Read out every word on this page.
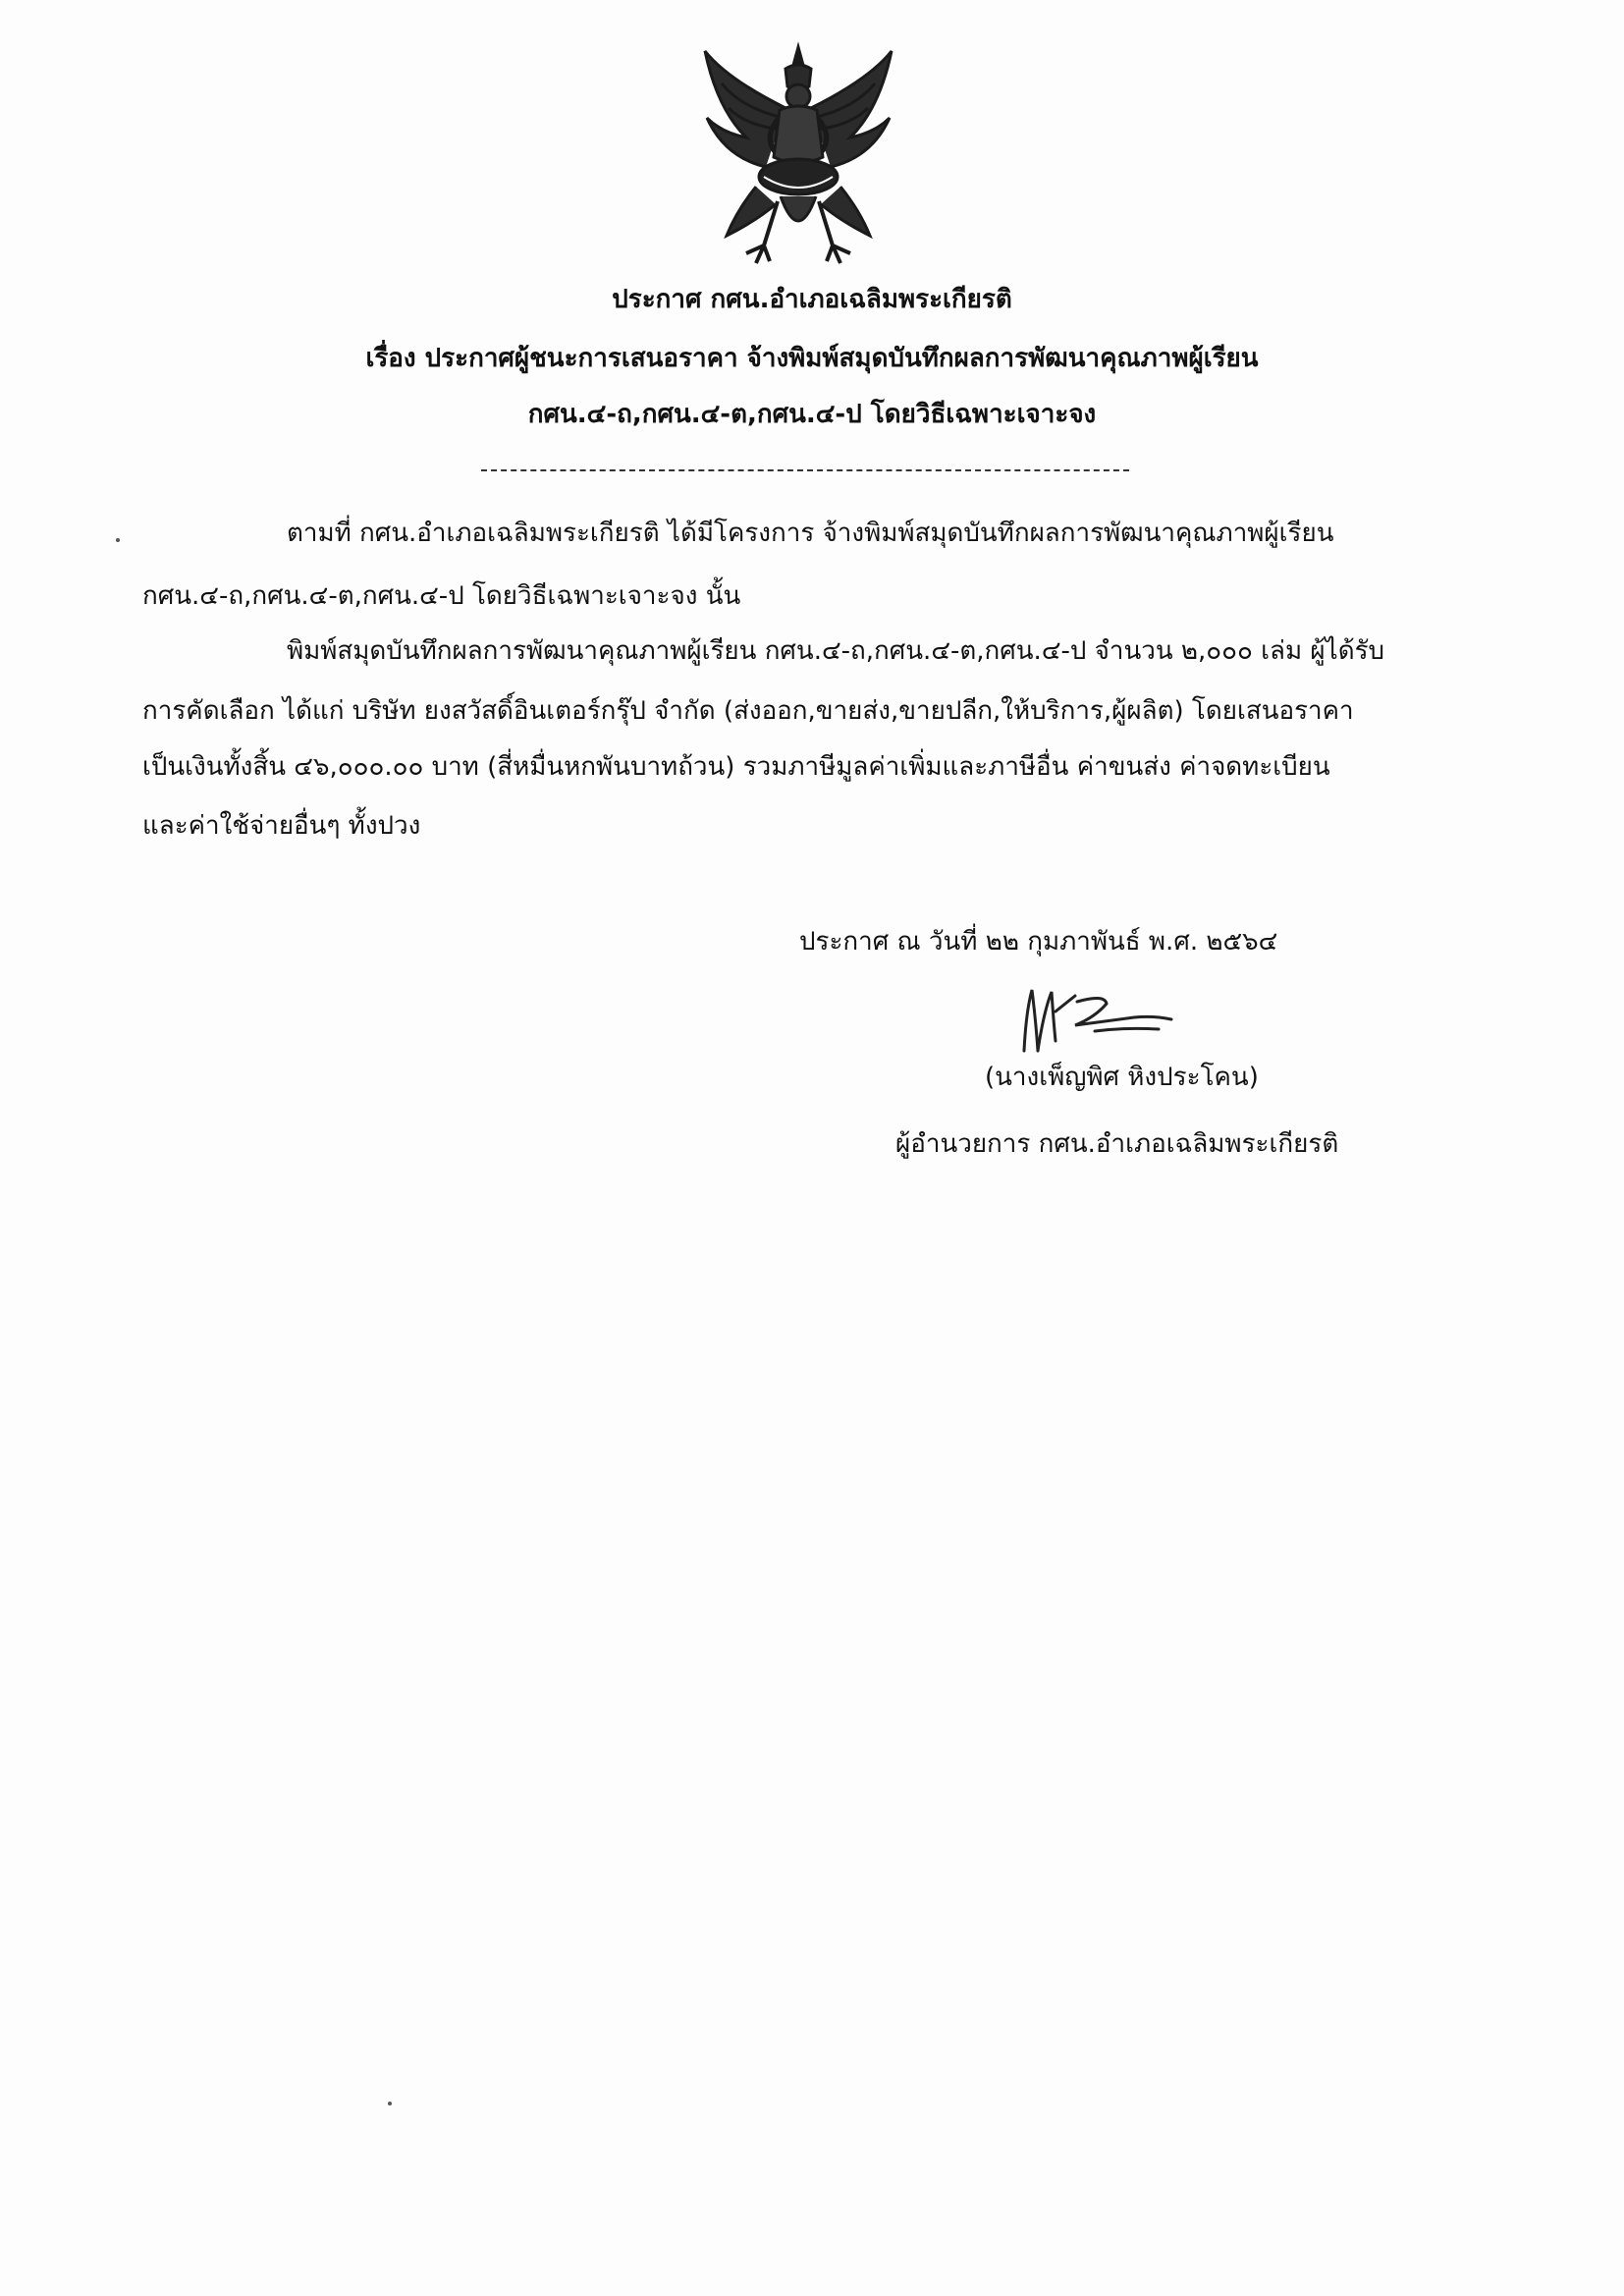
ประกาศ กศน.อำเภอเฉลิมพระเกียรติ
เรื่อง ประกาศผู้ชนะการเสนอราคา จ้างพิมพ์สมุดบันทึกผลการพัฒนาคุณภาพผู้เรียน
กศน.๔-ถ,กศน.๔-ต,กศน.๔-ป โดยวิธีเฉพาะเจาะจง
ตามที่ กศน.อำเภอเฉลิมพระเกียรติ ได้มีโครงการ จ้างพิมพ์สมุดบันทึกผลการพัฒนาคุณภาพผู้เรียน
กศน.๔-ถ,กศน.๔-ต,กศน.๔-ป โดยวิธีเฉพาะเจาะจง นั้น
พิมพ์สมุดบันทึกผลการพัฒนาคุณภาพผู้เรียน กศน.๔-ถ,กศน.๔-ต,กศน.๔-ป จำนวน ๒,๐๐๐ เล่ม ผู้ได้รับ
การคัดเลือก ได้แก่ บริษัท ยงสวัสดิ์อินเตอร์กรุ๊ป จำกัด (ส่งออก,ขายส่ง,ขายปลีก,ให้บริการ,ผู้ผลิต) โดยเสนอราคา
เป็นเงินทั้งสิ้น ๔๖,๐๐๐.๐๐ บาท (สี่หมื่นหกพันบาทถ้วน) รวมภาษีมูลค่าเพิ่มและภาษีอื่น ค่าขนส่ง ค่าจดทะเบียน
และค่าใช้จ่ายอื่นๆ ทั้งปวง
ประกาศ ณ วันที่ ๒๒ กุมภาพันธ์ พ.ศ. ๒๕๖๔
(นางเพ็ญพิศ หิงประโคน)
ผู้อำนวยการ กศน.อำเภอเฉลิมพระเกียรติ
